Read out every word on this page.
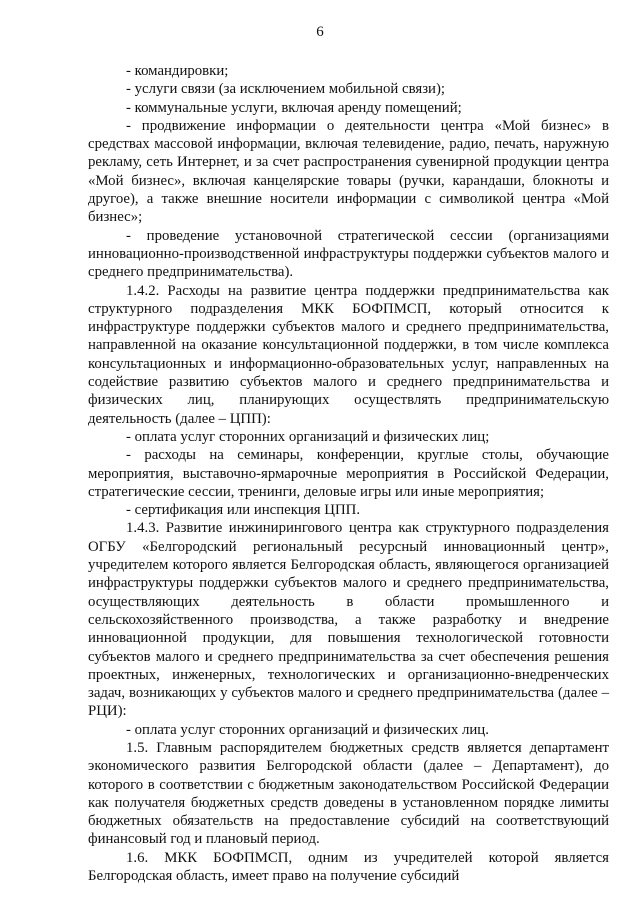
6

- командировки;

- услуги связи (за исключением мобильной связи);

- коммунальные услуги, включая аренду помещений;

- продвижение информации о деятельности центра «Мой бизнес» в средствах массовой информации, включая телевидение, радио, печать, наружную рекламу, сеть Интернет, и за счет распространения сувенирной продукции центра «Мой бизнес», включая канцелярские товары (ручки, карандаши, блокноты и другое), а также внешние носители информации с символикой центра «Мой бизнес»;

- проведение установочной стратегической сессии (организациями инновационно-производственной инфраструктуры поддержки субъектов малого и среднего предпринимательства).

1.4.2. Расходы на развитие центра поддержки предпринимательства как структурного подразделения МКК БОФПМСП, который относится к инфраструктуре поддержки субъектов малого и среднего предпринимательства, направленной на оказание консультационной поддержки, в том числе комплекса консультационных и информационно-образовательных услуг, направленных на содействие развитию субъектов малого и среднего предпринимательства и физических лиц, планирующих осуществлять предпринимательскую деятельность (далее – ЦПП):

- оплата услуг сторонних организаций и физических лиц;

- расходы на семинары, конференции, круглые столы, обучающие мероприятия, выставочно-ярмарочные мероприятия в Российской Федерации, стратегические сессии, тренинги, деловые игры или иные мероприятия;

- сертификация или инспекция ЦПП.

1.4.3. Развитие инжинирингового центра как структурного подразделения ОГБУ «Белгородский региональный ресурсный инновационный центр», учредителем которого является Белгородская область, являющегося организацией инфраструктуры поддержки субъектов малого и среднего предпринимательства, осуществляющих деятельность в области промышленного и сельскохозяйственного производства, а также разработку и внедрение инновационной продукции, для повышения технологической готовности субъектов малого и среднего предпринимательства за счет обеспечения решения проектных, инженерных, технологических и организационно-внедренческих задач, возникающих у субъектов малого и среднего предпринимательства (далее – РЦИ):

- оплата услуг сторонних организаций и физических лиц.

1.5. Главным распорядителем бюджетных средств является департамент экономического развития Белгородской области (далее – Департамент), до которого в соответствии с бюджетным законодательством Российской Федерации как получателя бюджетных средств доведены в установленном порядке лимиты бюджетных обязательств на предоставление субсидий на соответствующий финансовый год и плановый период.

1.6. МКК БОФПМСП, одним из учредителей которой является Белгородская область, имеет право на получение субсидий
